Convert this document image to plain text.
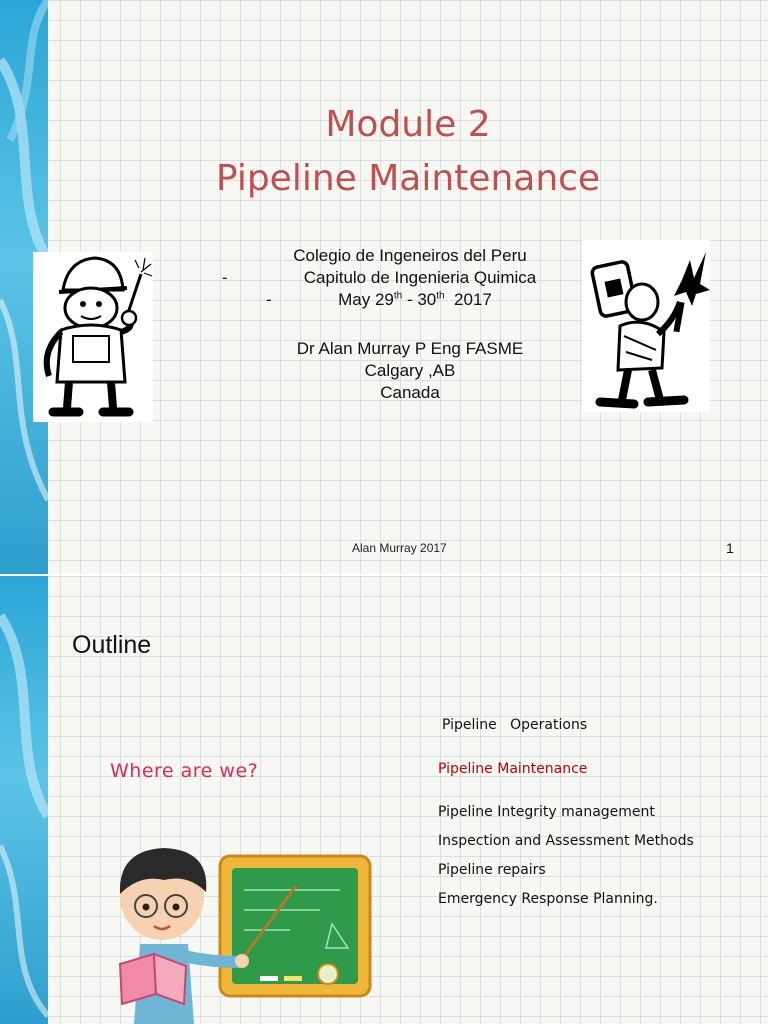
Module 2
Pipeline Maintenance
Colegio de Ingeneiros del Peru
-	Capitulo de Ingenieria Quimica
-	May 29th - 30th  2017
Dr Alan Murray P Eng FASME
Calgary ,AB
Canada
Alan Murray 2017	1
Outline
Where are we?
Pipeline   Operations
Pipeline Maintenance
Pipeline Integrity management
Inspection and Assessment Methods
Pipeline repairs
Emergency Response Planning.
